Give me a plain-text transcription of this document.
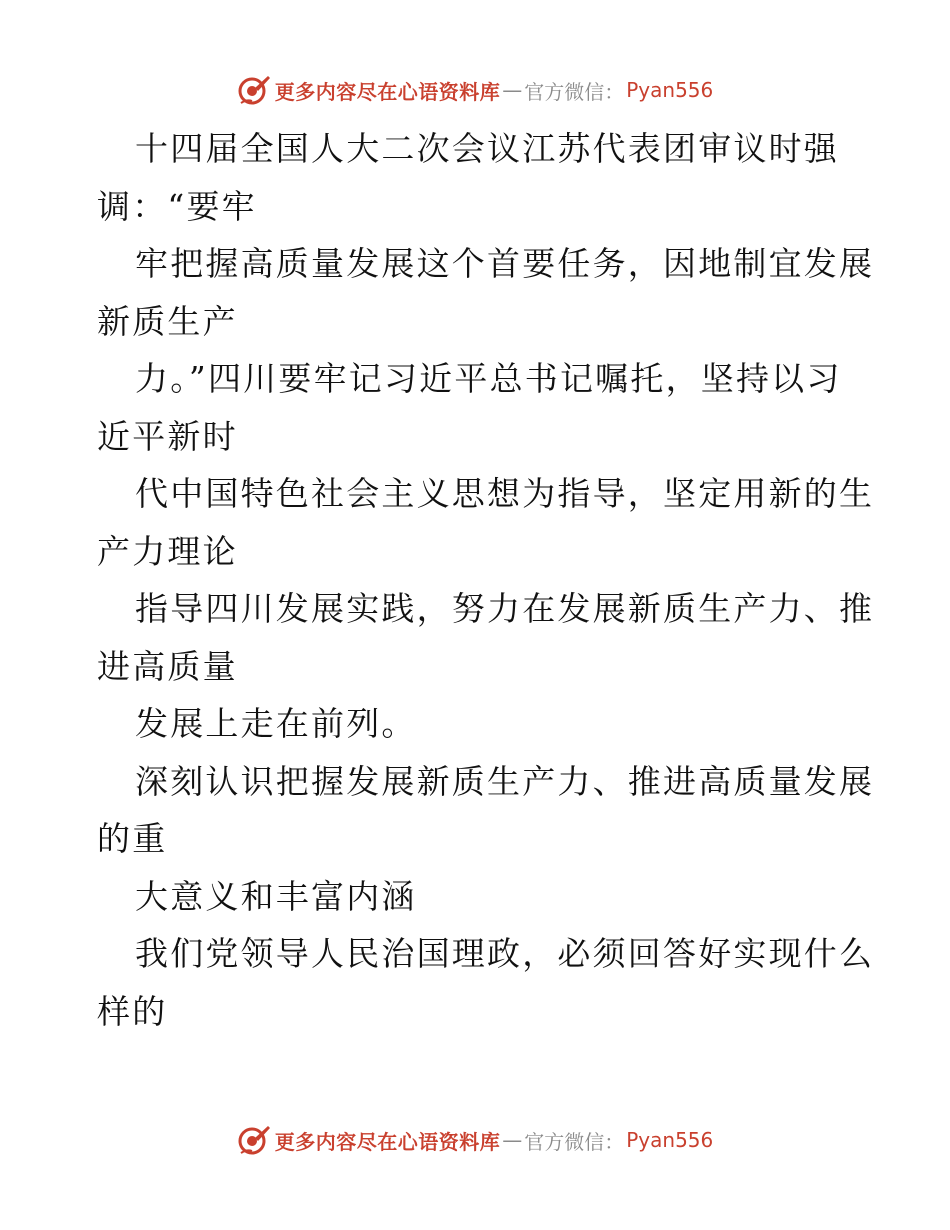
更多内容尽在心语资料库 — 官方微信： Pyan556
十四届全国人大二次会议江苏代表团审议时强
调：“要牢
牢把握高质量发展这个首要任务，因地制宜发展
新质生产
力。”四川要牢记习近平总书记嘱托，坚持以习
近平新时
代中国特色社会主义思想为指导，坚定用新的生
产力理论
指导四川发展实践，努力在发展新质生产力、推
进高质量
发展上走在前列。
深刻认识把握发展新质生产力、推进高质量发展
的重
大意义和丰富内涵
我们党领导人民治国理政，必须回答好实现什么
样的
更多内容尽在心语资料库 — 官方微信： Pyan556
